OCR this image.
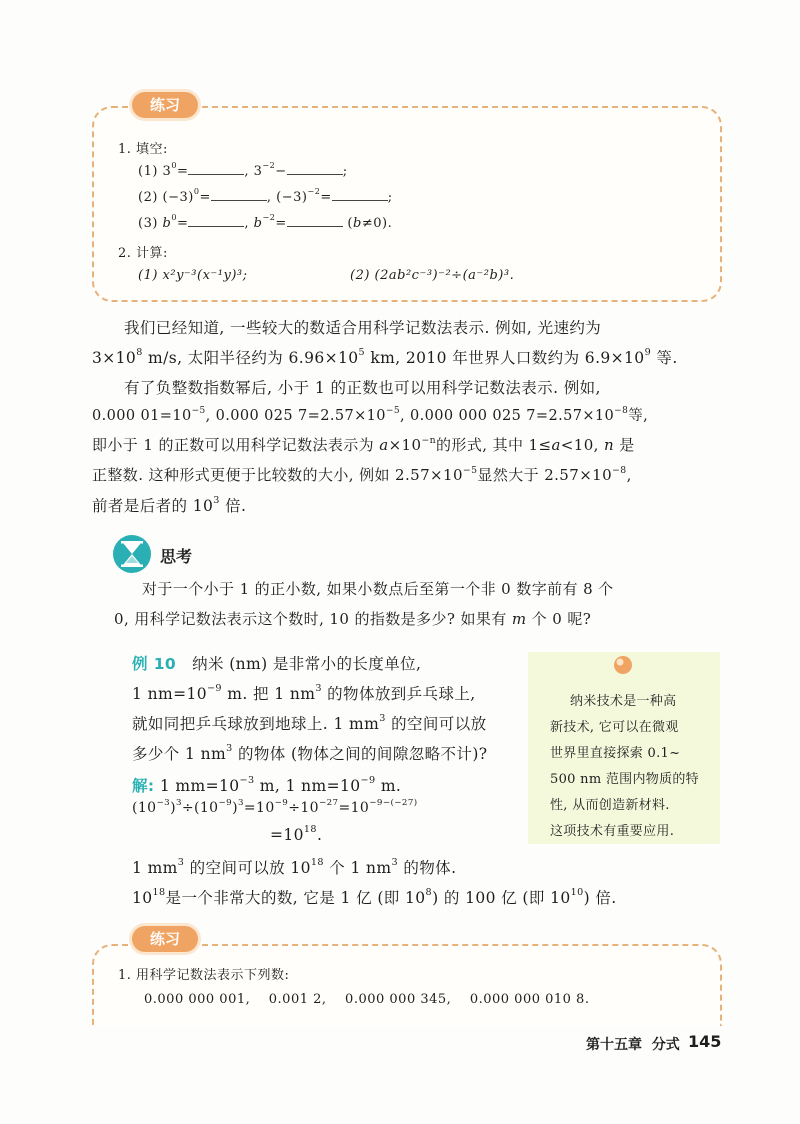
练习
1. 填空:
(1) $3^0=$	, $3^{-2}-$	;
(2) $(-3)^0=$	, $(-3)^{-2}=$	;
(3) $b^0=$	, $b^{-2}=$	(b≠0).
2. 计算:
(1) x²y⁻³(x⁻¹y)³;	(2) (2ab²c⁻³)⁻²÷(a⁻²b)³.
我们已经知道, 一些较大的数适合用科学记数法表示. 例如, 光速约为
$3\times 10^8$ m/s, 太阳半径约为 $6.96\times 10^5$ km, 2010 年世界人口数约为 $6.9\times 10^9$ 等.
有了负整数指数幂后, 小于 1 的正数也可以用科学记数法表示. 例如,
0.000 $01=10^{-5}$, 0.000 025 $7=2.57\times 10^{-5}$, 0.000 000 025 $7=2.57\times 10^{-8}$等,
即小于 1 的正数可以用科学记数法表示为 $a\times 10^{-n}$的形式, 其中 1≤a<10, n 是
正整数. 这种形式更便于比较数的大小, 例如 $2.57\times 10^{-5}$显然大于 $2.57\times 10^{-8}$,
前者是后者的 $10^3$ 倍.
思考
对于一个小于 1 的正小数, 如果小数点后至第一个非 0 数字前有 8 个
0, 用科学记数法表示这个数时, 10 的指数是多少? 如果有 m 个 0 呢?
例 10 纳米 (nm) 是非常小的长度单位,
1 $nm=10^{-9}$ m. 把 1 $nm^3$ 的物体放到乒乓球上,
就如同把乒乓球放到地球上. 1 $mm^3$ 的空间可以放
多少个 1 $nm^3$ 的物体 (物体之间的间隙忽略不计)?
解: 1 $mm=10^{-3}$ m, 1 $nm=10^{-9}$ m.
$(10^{-3})^3\div(10^{-9})^3=10^{-9}\div 10^{-27}=10^{-9-(-27)}$
$=10^{18}$.
1 $mm^3$ 的空间可以放 $10^{18}$ 个 1 $nm^3$ 的物体.
$10^{18}$是一个非常大的数, 它是 1 亿 (即 $10^8$) 的 100 亿 (即 $10^{10}$) 倍.
纳米技术是一种高
新技术, 它可以在微观
世界里直接探索 0.1~
500 nm 范围内物质的特
性, 从而创造新材料.
这项技术有重要应用.
练习
1. 用科学记数法表示下列数:
0.000 000 001,    0.001 2,    0.000 000 345,    0.000 000 010 8.
第十五章  分式 145
